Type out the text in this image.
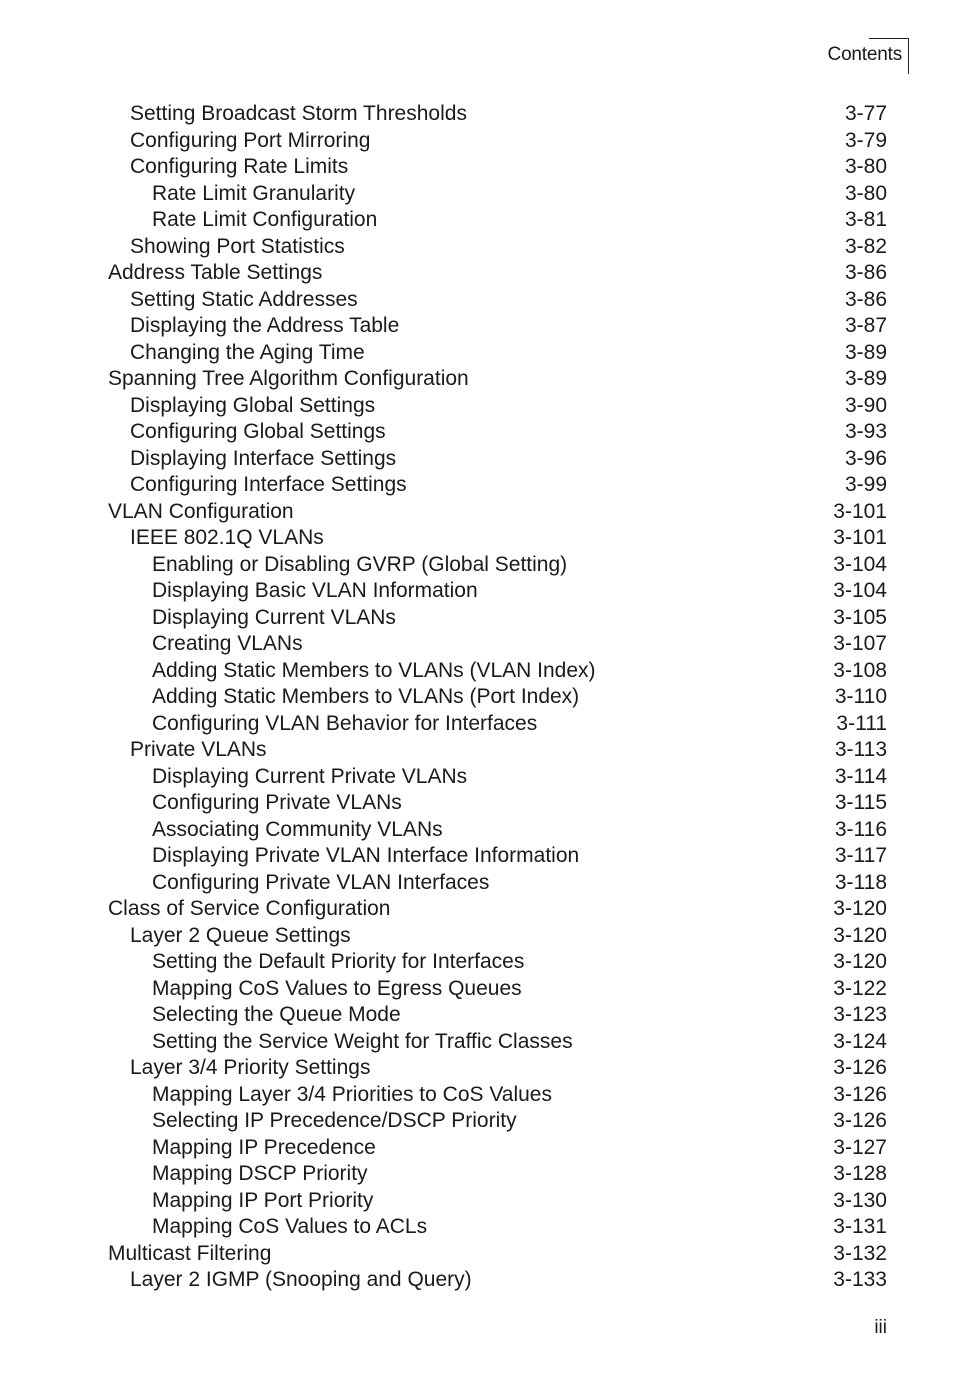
Contents
Setting Broadcast Storm Thresholds	3-77
Configuring Port Mirroring	3-79
Configuring Rate Limits	3-80
Rate Limit Granularity	3-80
Rate Limit Configuration	3-81
Showing Port Statistics	3-82
Address Table Settings	3-86
Setting Static Addresses	3-86
Displaying the Address Table	3-87
Changing the Aging Time	3-89
Spanning Tree Algorithm Configuration	3-89
Displaying Global Settings	3-90
Configuring Global Settings	3-93
Displaying Interface Settings	3-96
Configuring Interface Settings	3-99
VLAN Configuration	3-101
IEEE 802.1Q VLANs	3-101
Enabling or Disabling GVRP (Global Setting)	3-104
Displaying Basic VLAN Information	3-104
Displaying Current VLANs	3-105
Creating VLANs	3-107
Adding Static Members to VLANs (VLAN Index)	3-108
Adding Static Members to VLANs (Port Index)	3-110
Configuring VLAN Behavior for Interfaces	3-111
Private VLANs	3-113
Displaying Current Private VLANs	3-114
Configuring Private VLANs	3-115
Associating Community VLANs	3-116
Displaying Private VLAN Interface Information	3-117
Configuring Private VLAN Interfaces	3-118
Class of Service Configuration	3-120
Layer 2 Queue Settings	3-120
Setting the Default Priority for Interfaces	3-120
Mapping CoS Values to Egress Queues	3-122
Selecting the Queue Mode	3-123
Setting the Service Weight for Traffic Classes	3-124
Layer 3/4 Priority Settings	3-126
Mapping Layer 3/4 Priorities to CoS Values	3-126
Selecting IP Precedence/DSCP Priority	3-126
Mapping IP Precedence	3-127
Mapping DSCP Priority	3-128
Mapping IP Port Priority	3-130
Mapping CoS Values to ACLs	3-131
Multicast Filtering	3-132
Layer 2 IGMP (Snooping and Query)	3-133
iii
